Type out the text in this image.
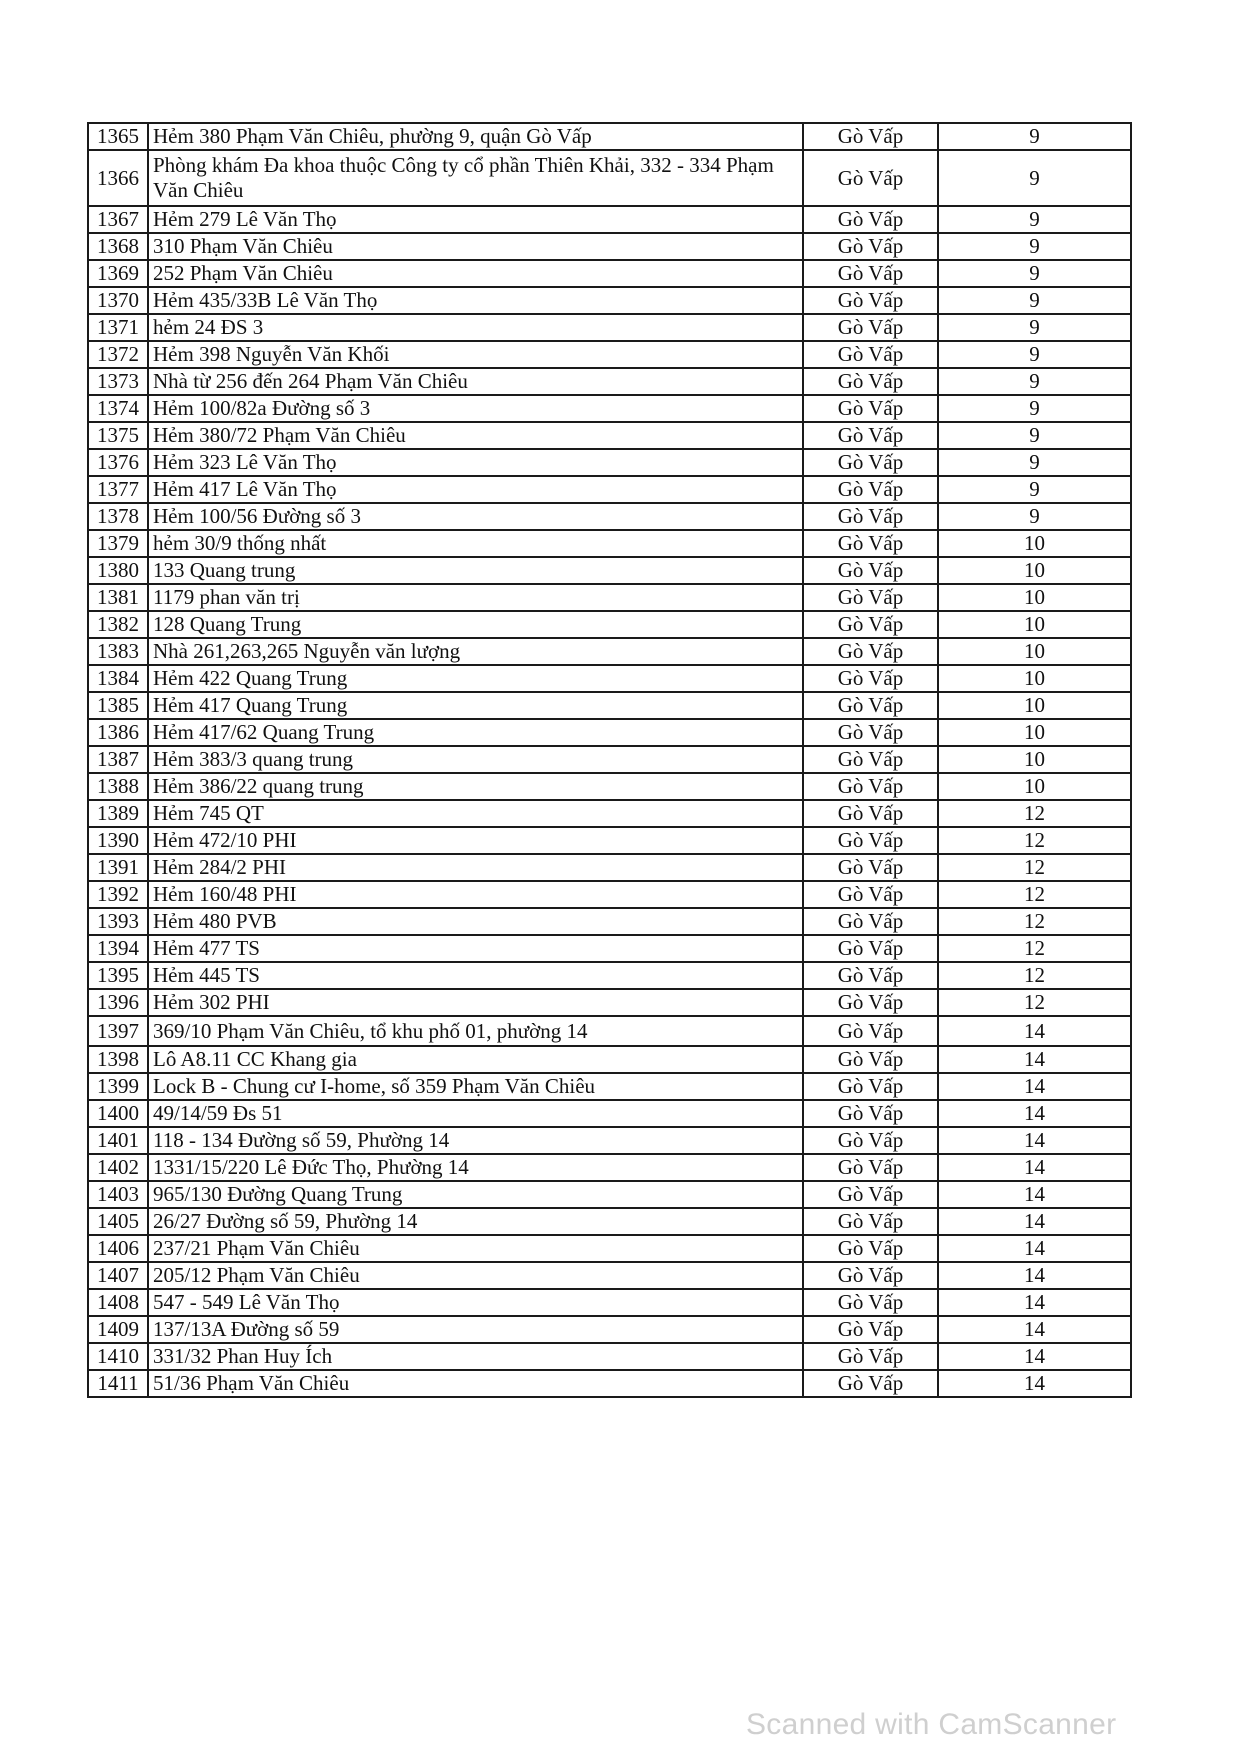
1365	Hẻm 380 Phạm Văn Chiêu, phường 9, quận Gò Vấp	Gò Vấp	9
1366	Phòng khám Đa khoa thuộc Công ty cổ phần Thiên Khải, 332 - 334 Phạm Văn Chiêu	Gò Vấp	9
1367	Hẻm 279 Lê Văn Thọ	Gò Vấp	9
1368	310 Phạm Văn Chiêu	Gò Vấp	9
1369	252 Phạm Văn Chiêu	Gò Vấp	9
1370	Hẻm 435/33B Lê Văn Thọ	Gò Vấp	9
1371	hẻm 24 ĐS 3	Gò Vấp	9
1372	Hẻm 398 Nguyễn Văn Khối	Gò Vấp	9
1373	Nhà từ 256 đến 264 Phạm Văn Chiêu	Gò Vấp	9
1374	Hẻm 100/82a Đường số 3	Gò Vấp	9
1375	Hẻm 380/72 Phạm Văn Chiêu	Gò Vấp	9
1376	Hẻm 323 Lê Văn Thọ	Gò Vấp	9
1377	Hẻm 417 Lê Văn Thọ	Gò Vấp	9
1378	Hẻm 100/56 Đường số 3	Gò Vấp	9
1379	hẻm 30/9 thống nhất	Gò Vấp	10
1380	133 Quang trung	Gò Vấp	10
1381	1179 phan văn trị	Gò Vấp	10
1382	128 Quang Trung	Gò Vấp	10
1383	Nhà 261,263,265 Nguyễn văn lượng	Gò Vấp	10
1384	Hẻm 422 Quang Trung	Gò Vấp	10
1385	Hẻm 417 Quang Trung	Gò Vấp	10
1386	Hẻm 417/62 Quang Trung	Gò Vấp	10
1387	Hẻm 383/3 quang trung	Gò Vấp	10
1388	Hẻm 386/22 quang trung	Gò Vấp	10
1389	Hẻm 745 QT	Gò Vấp	12
1390	Hẻm 472/10 PHI	Gò Vấp	12
1391	Hẻm 284/2 PHI	Gò Vấp	12
1392	Hẻm 160/48 PHI	Gò Vấp	12
1393	Hẻm 480 PVB	Gò Vấp	12
1394	Hẻm 477 TS	Gò Vấp	12
1395	Hẻm 445 TS	Gò Vấp	12
1396	Hẻm 302 PHI	Gò Vấp	12
1397	369/10 Phạm Văn Chiêu, tổ khu phố 01, phường 14	Gò Vấp	14
1398	Lô A8.11 CC Khang gia	Gò Vấp	14
1399	Lock B - Chung cư I-home, số 359 Phạm Văn Chiêu	Gò Vấp	14
1400	49/14/59 Đs 51	Gò Vấp	14
1401	118 - 134 Đường số 59, Phường 14	Gò Vấp	14
1402	1331/15/220 Lê Đức Thọ, Phường 14	Gò Vấp	14
1403	965/130 Đường Quang Trung	Gò Vấp	14
1405	26/27 Đường số 59, Phường 14	Gò Vấp	14
1406	237/21 Phạm Văn Chiêu	Gò Vấp	14
1407	205/12 Phạm Văn Chiêu	Gò Vấp	14
1408	547 - 549 Lê Văn Thọ	Gò Vấp	14
1409	137/13A Đường số 59	Gò Vấp	14
1410	331/32 Phan Huy Ích	Gò Vấp	14
1411	51/36 Phạm Văn Chiêu	Gò Vấp	14
Scanned with CamScanner
